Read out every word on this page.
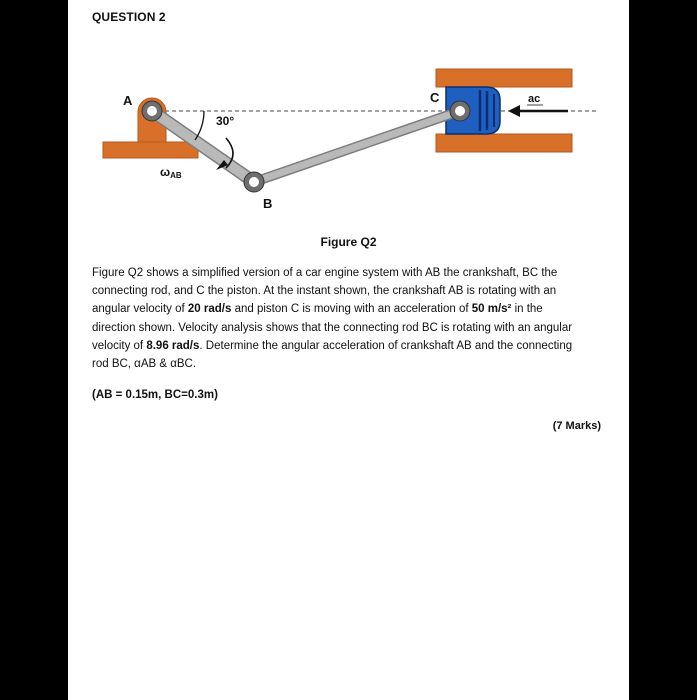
QUESTION 2
30°
ωAB
ac
A
B
C
Figure Q2
Figure Q2 shows a simplified version of a car engine system with AB the crankshaft, BC the
connecting rod, and C the piston. At the instant shown, the crankshaft AB is rotating with an
angular velocity of 20 rad/s and piston C is moving with an acceleration of 50 m/s² in the
direction shown. Velocity analysis shows that the connecting rod BC is rotating with an angular
velocity of 8.96 rad/s. Determine the angular acceleration of crankshaft AB and the connecting
rod BC, αAB & αBC.
(AB = 0.15m, BC=0.3m)
(7 Marks)
